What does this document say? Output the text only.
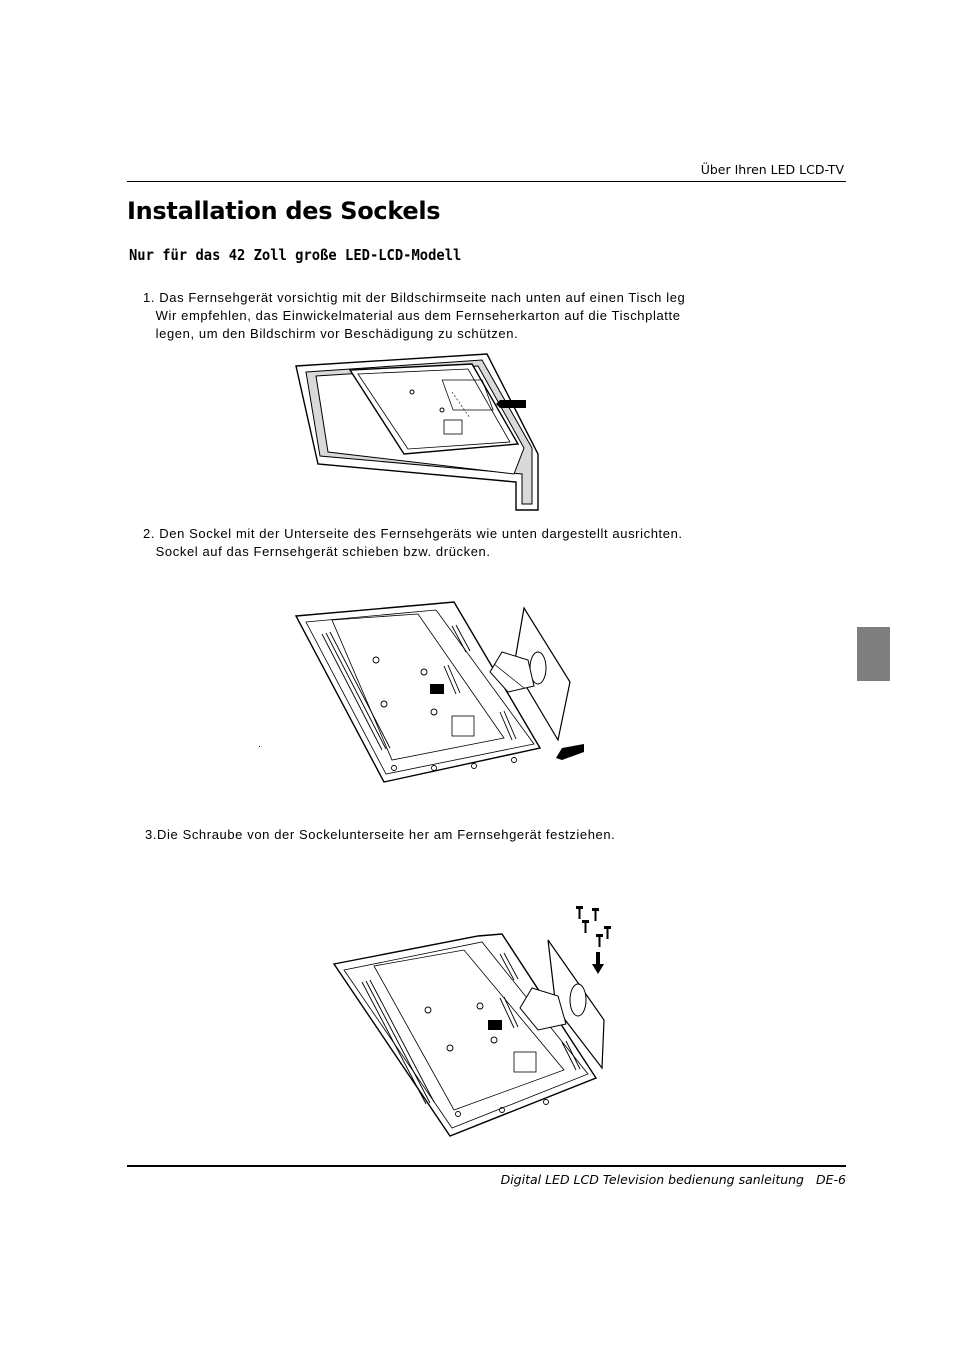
Über Ihren LED LCD-TV
Installation des Sockels
Nur für das 42 Zoll große LED-LCD-Modell
1. Das Fernsehgerät vorsichtig mit der Bildschirmseite nach unten auf einen Tisch leg
Wir empfehlen, das Einwickelmaterial aus dem Fernseherkarton auf die Tischplatte
legen, um den Bildschirm vor Beschädigung zu schützen.
2. Den Sockel mit der Unterseite des Fernsehgeräts wie unten dargestellt ausrichten.
Sockel auf das Fernsehgerät schieben bzw. drücken.
3.Die Schraube von der Sockelunterseite her am Fernsehgerät festziehen.
Digital LED LCD Television bedienung sanleitung DE-6
